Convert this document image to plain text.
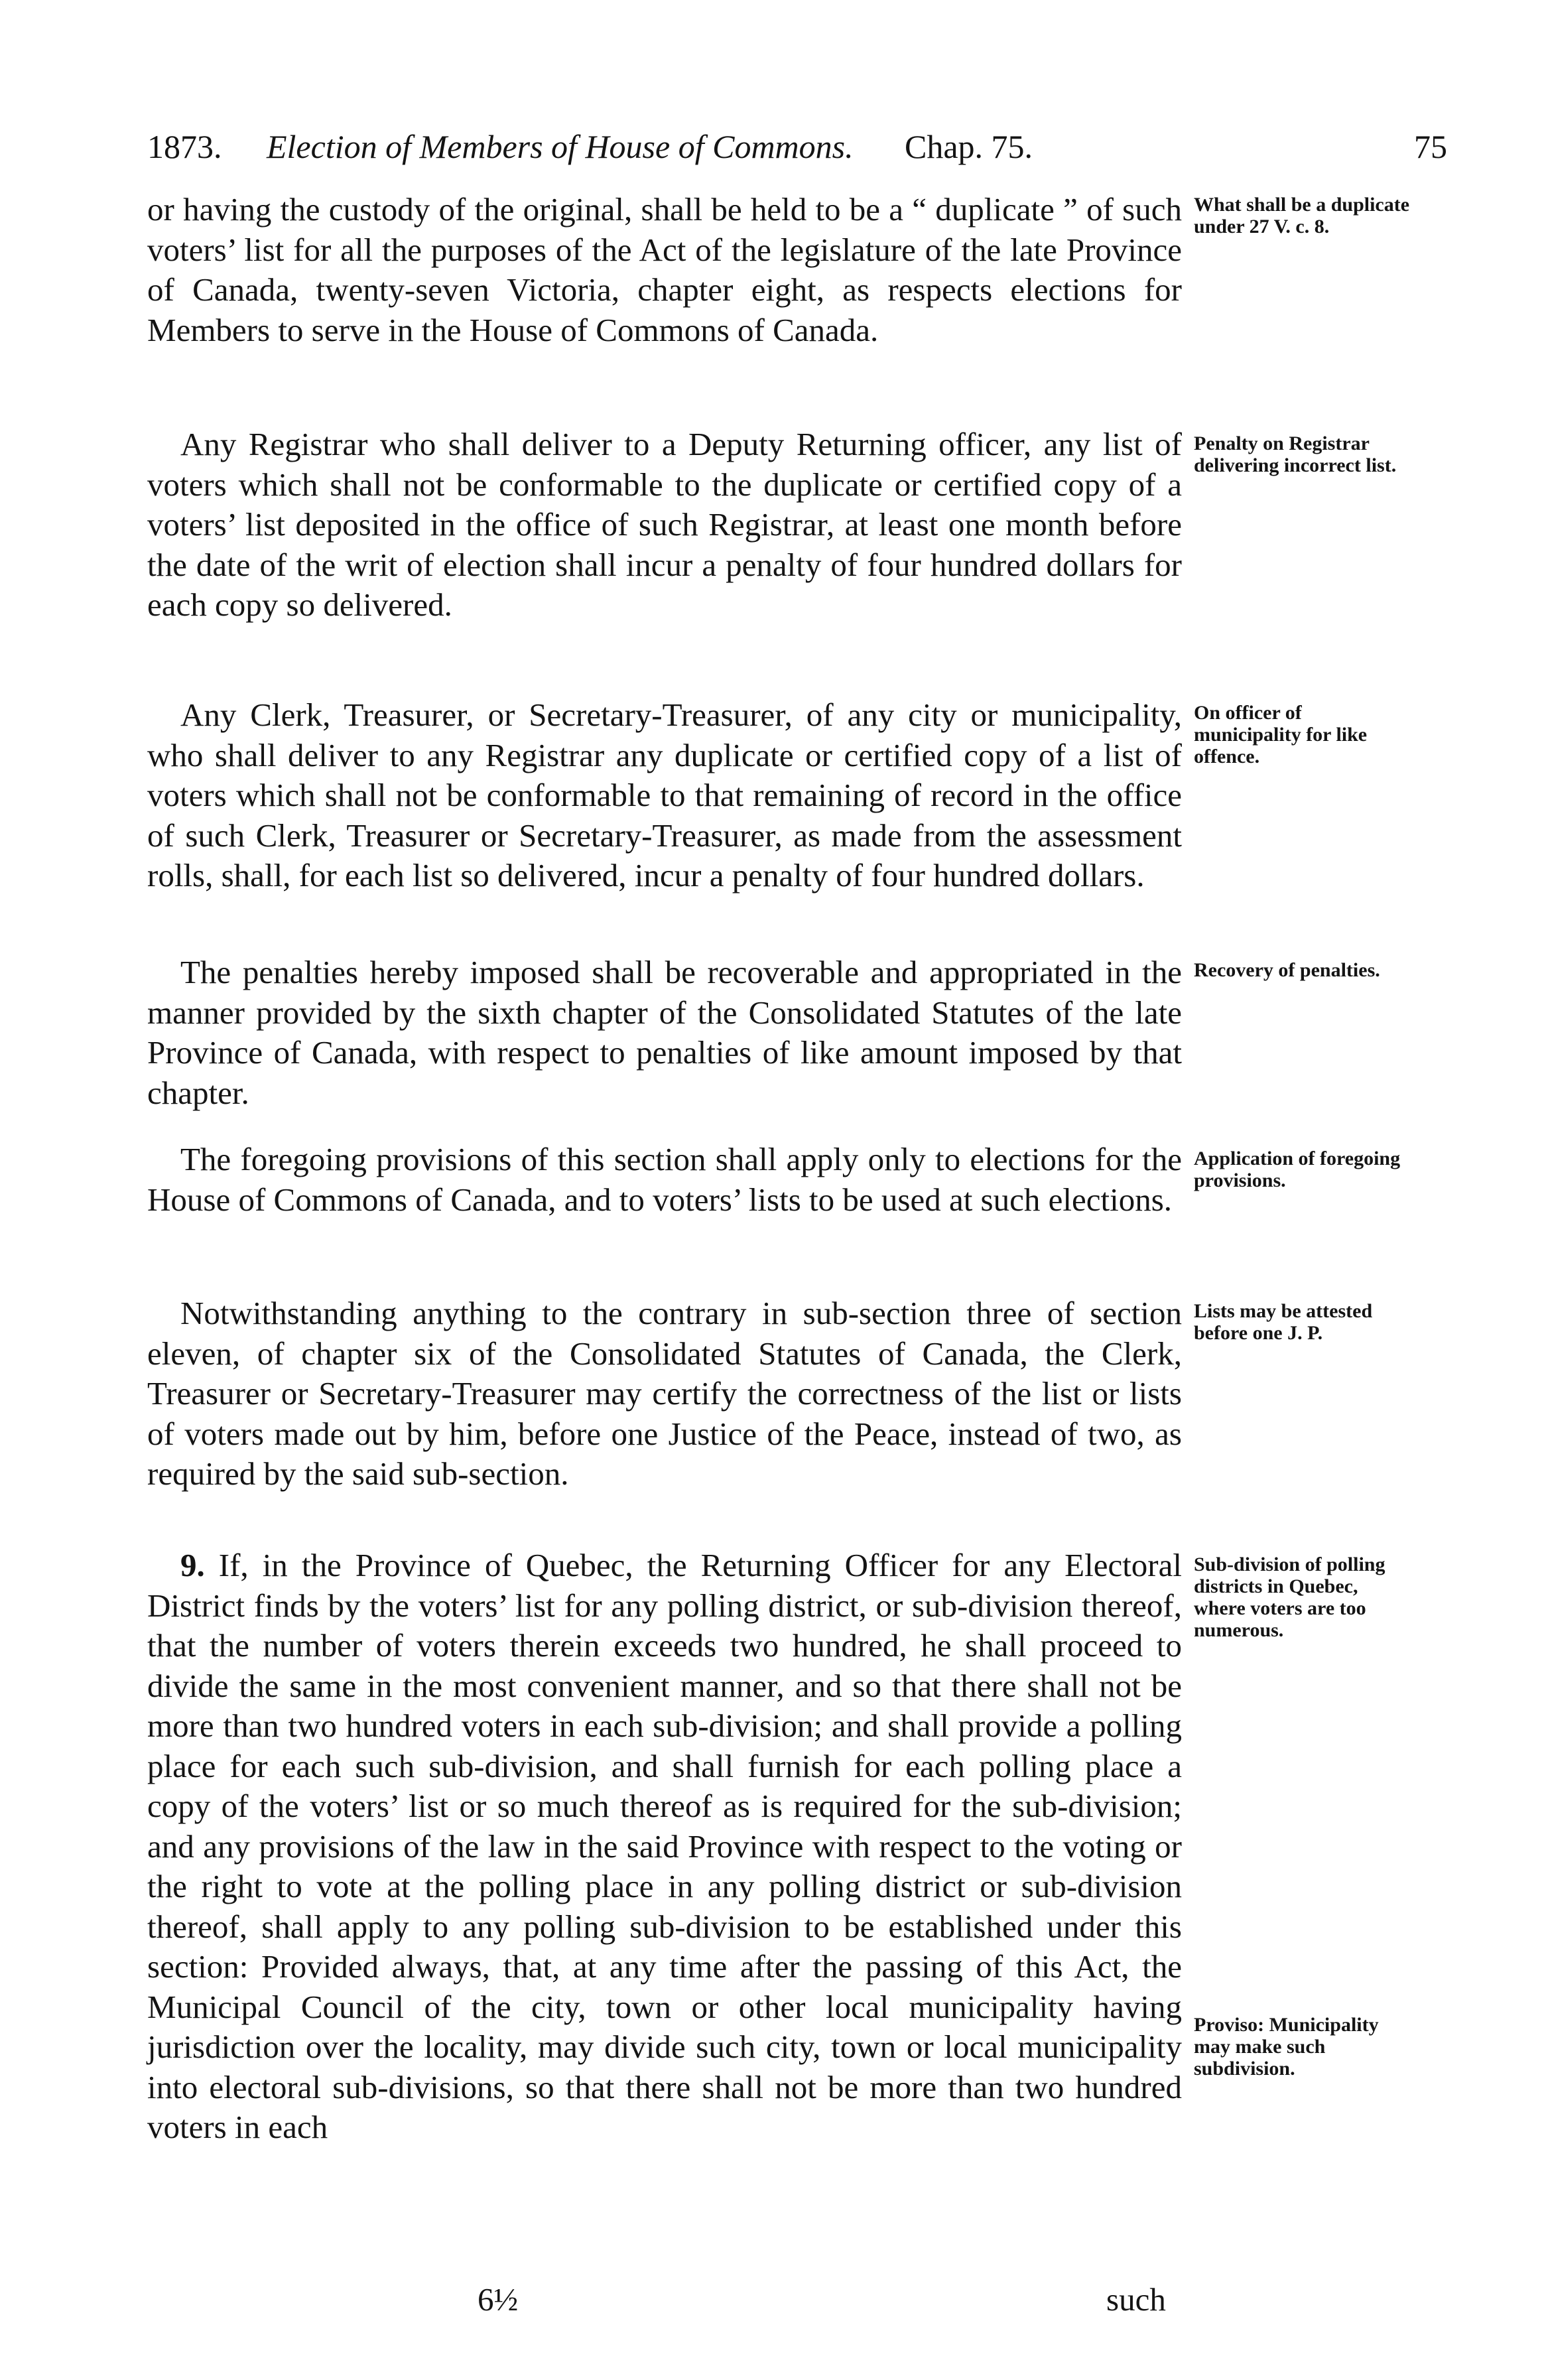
1873. Election of Members of House of Commons. Chap. 75.	75

or having the custody of the original, shall be held to be a “ duplicate ” of such voters’ list for all the purposes of the Act of the legislature of the late Province of Canada, twenty-seven Victoria, chapter eight, as respects elections for Members to serve in the House of Commons of Canada.

Any Registrar who shall deliver to a Deputy Returning officer, any list of voters which shall not be conformable to the duplicate or certified copy of a voters’ list deposited in the office of such Registrar, at least one month before the date of the writ of election shall incur a penalty of four hundred dollars for each copy so delivered.

Any Clerk, Treasurer, or Secretary-Treasurer, of any city or municipality, who shall deliver to any Registrar any duplicate or certified copy of a list of voters which shall not be conformable to that remaining of record in the office of such Clerk, Treasurer or Secretary-Treasurer, as made from the assessment rolls, shall, for each list so delivered, incur a penalty of four hundred dollars.

The penalties hereby imposed shall be recoverable and appropriated in the manner provided by the sixth chapter of the Consolidated Statutes of the late Province of Canada, with respect to penalties of like amount imposed by that chapter.

The foregoing provisions of this section shall apply only to elections for the House of Commons of Canada, and to voters’ lists to be used at such elections.

Notwithstanding anything to the contrary in sub-section three of section eleven, of chapter six of the Consolidated Statutes of Canada, the Clerk, Treasurer or Secretary-Treasurer may certify the correctness of the list or lists of voters made out by him, before one Justice of the Peace, instead of two, as required by the said sub-section.

9. If, in the Province of Quebec, the Returning Officer for any Electoral District finds by the voters’ list for any polling district, or sub-division thereof, that the number of voters therein exceeds two hundred, he shall proceed to divide the same in the most convenient manner, and so that there shall not be more than two hundred voters in each sub-division; and shall provide a polling place for each such sub-division, and shall furnish for each polling place a copy of the voters’ list or so much thereof as is required for the sub-division; and any provisions of the law in the said Province with respect to the voting or the right to vote at the polling place in any polling district or sub-division thereof, shall apply to any polling sub-division to be established under this section: Provided always, that, at any time after the passing of this Act, the Municipal Council of the city, town or other local municipality having jurisdiction over the locality, may divide such city, town or local municipality into electoral sub-divisions, so that there shall not be more than two hundred voters in each

What shall be a duplicate under 27 V. c. 8.

Penalty on Registrar delivering incorrect list.

On officer of municipality for like offence.

Recovery of penalties.

Application of foregoing provisions.

Lists may be attested before one J. P.

Sub-division of polling districts in Quebec, where voters are too numerous.

Proviso: Municipality may make such subdivision.

6½	such
